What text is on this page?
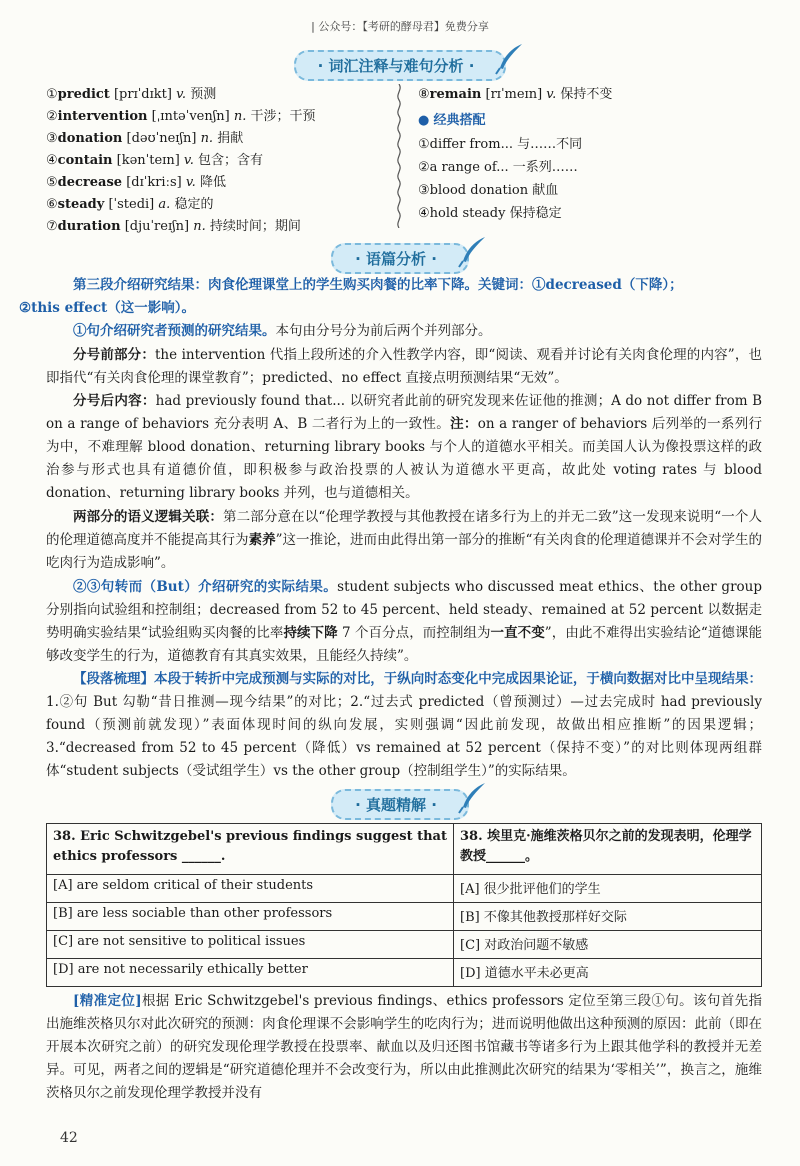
| 公众号：【考研的酵母君】免费分享
· 词汇注释与难句分析 ·
①predict [prɪˈdɪkt] v. 预测
②intervention [ˌɪntəˈvenʃn] n. 干涉；干预
③donation [dəʊˈneɪʃn] n. 捐献
④contain [kənˈteɪn] v. 包含；含有
⑤decrease [dɪˈkriːs] v. 降低
⑥steady [ˈstedi] a. 稳定的
⑦duration [djuˈreɪʃn] n. 持续时间；期间
⑧remain [rɪˈmeɪn] v. 保持不变
● 经典搭配
①differ from... 与……不同
②a range of... 一系列……
③blood donation 献血
④hold steady 保持稳定
· 语篇分析 ·
第三段介绍研究结果：肉食伦理课堂上的学生购买肉餐的比率下降。关键词：①decreased（下降）；
②this effect（这一影响）。
①句介绍研究者预测的研究结果。本句由分号分为前后两个并列部分。
分号前部分：the intervention 代指上段所述的介入性教学内容，即“阅读、观看并讨论有关肉食伦理的内容”，也即指代“有关肉食伦理的课堂教育”；predicted、no effect 直接点明预测结果“无效”。
分号后内容：had previously found that... 以研究者此前的研究发现来佐证他的推测；A do not differ from B on a range of behaviors 充分表明 A、B 二者行为上的一致性。注：on a ranger of behaviors 后列举的一系列行为中，不难理解 blood donation、returning library books 与个人的道德水平相关。而美国人认为像投票这样的政治参与形式也具有道德价值，即积极参与政治投票的人被认为道德水平更高，故此处 voting rates 与 blood donation、returning library books 并列，也与道德相关。
两部分的语义逻辑关联：第二部分意在以“伦理学教授与其他教授在诸多行为上的并无二致”这一发现来说明“一个人的伦理道德高度并不能提高其行为素养”这一推论，进而由此得出第一部分的推断“有关肉食的伦理道德课并不会对学生的吃肉行为造成影响”。
②③句转而（But）介绍研究的实际结果。student subjects who discussed meat ethics、the other group 分别指向试验组和控制组；decreased from 52 to 45 percent、held steady、remained at 52 percent 以数据走势明确实验结果“试验组购买肉餐的比率持续下降 7 个百分点，而控制组为一直不变”，由此不难得出实验结论“道德课能够改变学生的行为，道德教育有其真实效果，且能经久持续”。
【段落梳理】本段于转折中完成预测与实际的对比，于纵向时态变化中完成因果论证，于横向数据对比中呈现结果：1.②句 But 勾勒“昔日推测—现今结果”的对比；2.“过去式 predicted（曾预测过）—过去完成时 had previously found（预测前就发现）”表面体现时间的纵向发展，实则强调“因此前发现，故做出相应推断”的因果逻辑；3.“decreased from 52 to 45 percent（降低）vs remained at 52 percent（保持不变）”的对比则体现两组群体“student subjects（受试组学生）vs the other group（控制组学生）”的实际结果。
· 真题精解 ·
38. Eric Schwitzgebel's previous findings suggest that ethics professors ______.	38. 埃里克·施维茨格贝尔之前的发现表明，伦理学教授______。
[A] are seldom critical of their students	[A] 很少批评他们的学生
[B] are less sociable than other professors	[B] 不像其他教授那样好交际
[C] are not sensitive to political issues	[C] 对政治问题不敏感
[D] are not necessarily ethically better	[D] 道德水平未必更高
[精准定位]根据 Eric Schwitzgebel's previous findings、ethics professors 定位至第三段①句。该句首先指出施维茨格贝尔对此次研究的预测：肉食伦理课不会影响学生的吃肉行为；进而说明他做出这种预测的原因：此前（即在开展本次研究之前）的研究发现伦理学教授在投票率、献血以及归还图书馆藏书等诸多行为上跟其他学科的教授并无差异。可见，两者之间的逻辑是“研究道德伦理并不会改变行为，所以由此推测此次研究的结果为‘零相关’”，换言之，施维茨格贝尔之前发现伦理学教授并没有
42
